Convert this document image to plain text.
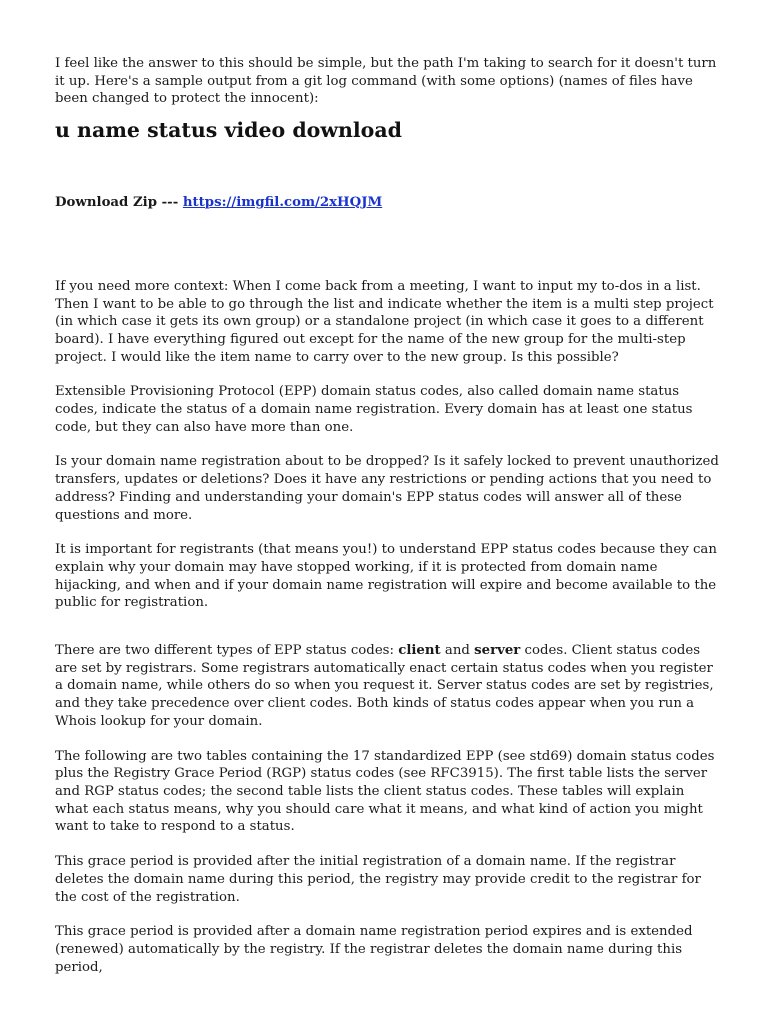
I feel like the answer to this should be simple, but the path I'm taking to search for it doesn't turn it up. Here's a sample output from a git log command (with some options) (names of files have been changed to protect the innocent):

u name status video download

Download Zip --- https://imgfil.com/2xHQJM

If you need more context: When I come back from a meeting, I want to input my to-dos in a list. Then I want to be able to go through the list and indicate whether the item is a multi step project (in which case it gets its own group) or a standalone project (in which case it goes to a different board). I have everything figured out except for the name of the new group for the multi-step project. I would like the item name to carry over to the new group. Is this possible?

Extensible Provisioning Protocol (EPP) domain status codes, also called domain name status codes, indicate the status of a domain name registration. Every domain has at least one status code, but they can also have more than one.

Is your domain name registration about to be dropped? Is it safely locked to prevent unauthorized transfers, updates or deletions? Does it have any restrictions or pending actions that you need to address? Finding and understanding your domain's EPP status codes will answer all of these questions and more.

It is important for registrants (that means you!) to understand EPP status codes because they can explain why your domain may have stopped working, if it is protected from domain name hijacking, and when and if your domain name registration will expire and become available to the public for registration.

There are two different types of EPP status codes: client and server codes. Client status codes are set by registrars. Some registrars automatically enact certain status codes when you register a domain name, while others do so when you request it. Server status codes are set by registries, and they take precedence over client codes. Both kinds of status codes appear when you run a Whois lookup for your domain.

The following are two tables containing the 17 standardized EPP (see std69) domain status codes plus the Registry Grace Period (RGP) status codes (see RFC3915). The first table lists the server and RGP status codes; the second table lists the client status codes. These tables will explain what each status means, why you should care what it means, and what kind of action you might want to take to respond to a status.

This grace period is provided after the initial registration of a domain name. If the registrar deletes the domain name during this period, the registry may provide credit to the registrar for the cost of the registration.

This grace period is provided after a domain name registration period expires and is extended (renewed) automatically by the registry. If the registrar deletes the domain name during this period,
